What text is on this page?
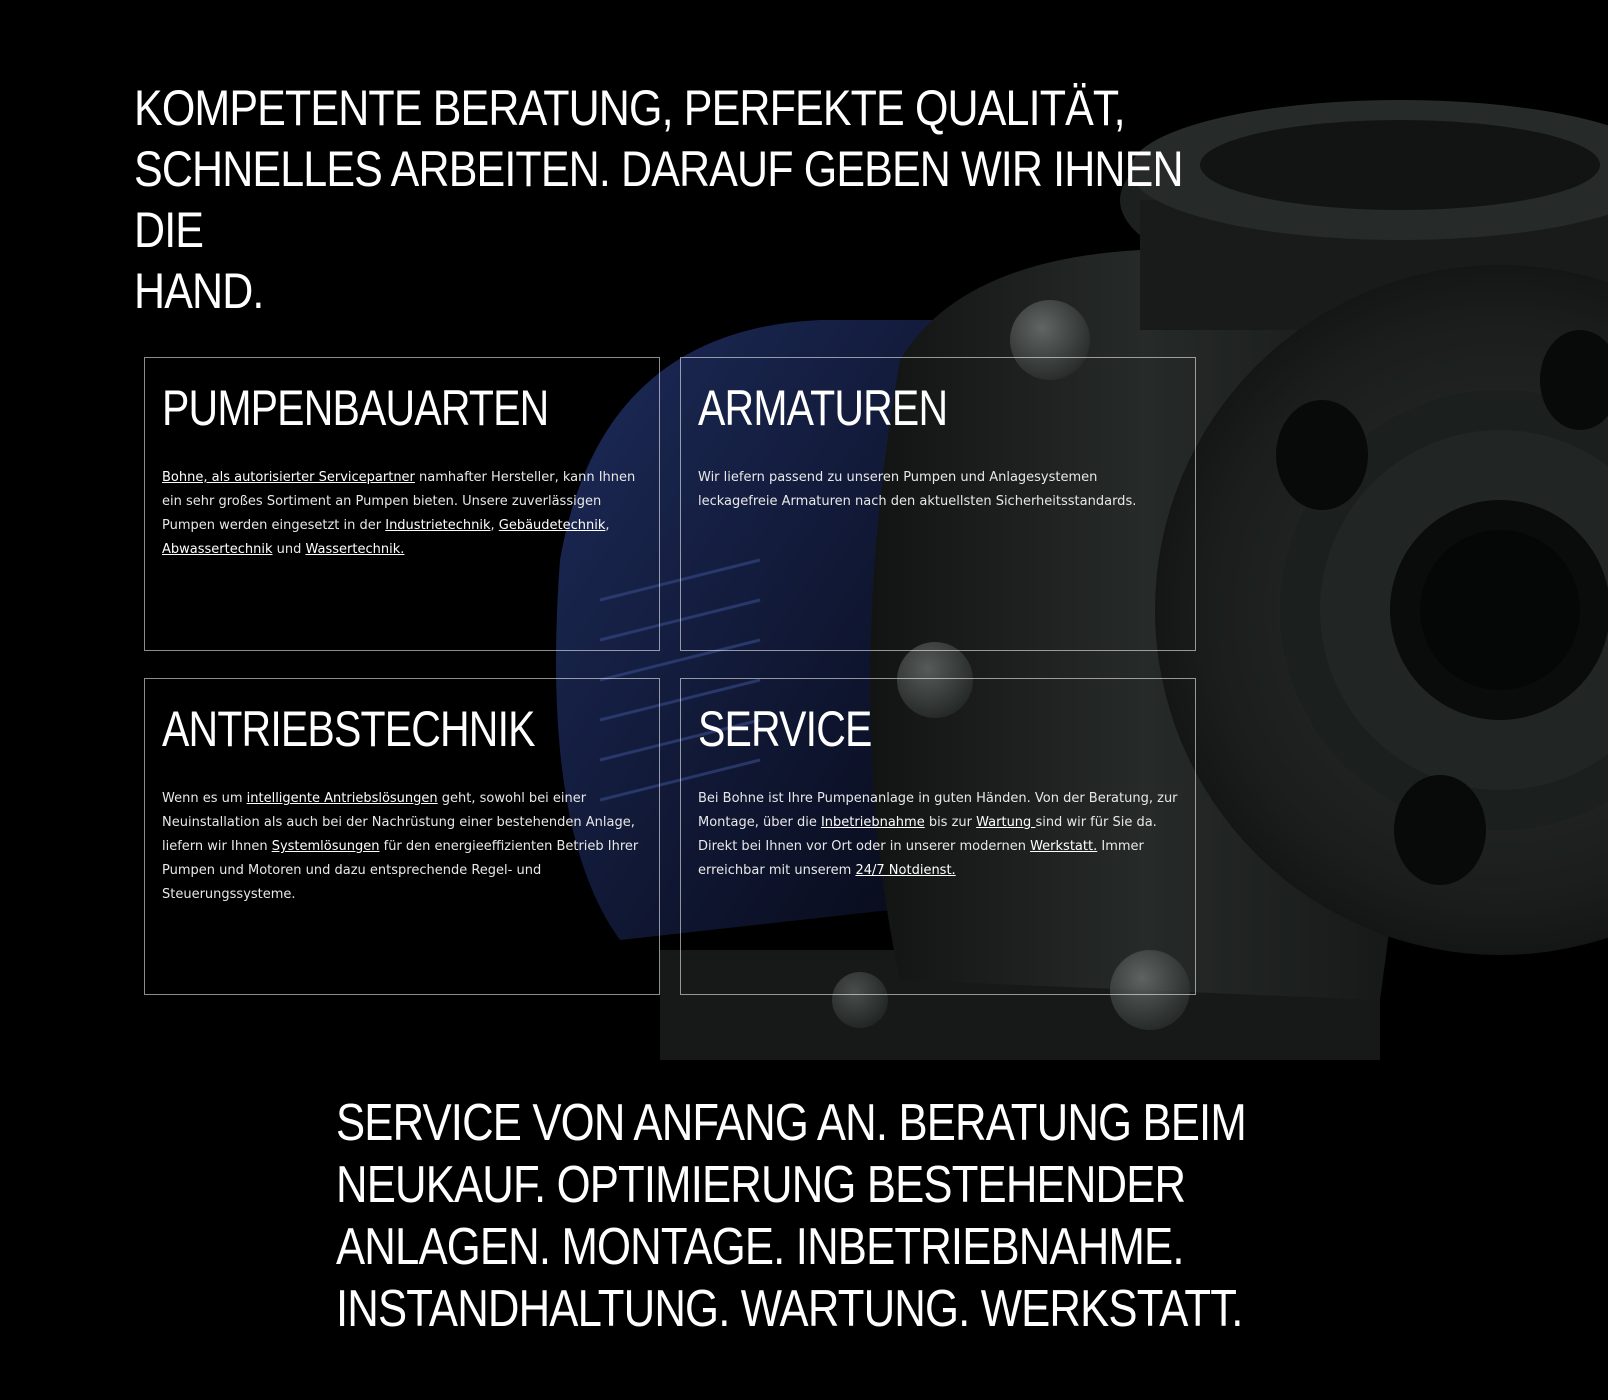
KOMPETENTE BERATUNG, PERFEKTE QUALITÄT,
SCHNELLES ARBEITEN. DARAUF GEBEN WIR IHNEN DIE
HAND.
PUMPENBAUARTEN

Bohne, als autorisierter Servicepartner namhafter Hersteller, kann Ihnen ein sehr großes Sortiment an Pumpen bieten. Unsere zuverlässigen Pumpen werden eingesetzt in der Industrietechnik, Gebäudetechnik,
Abwassertechnik und Wassertechnik.

ARMATUREN

Wir liefern passend zu unseren Pumpen und Anlagesystemen leckagefreie Armaturen nach den aktuellsten Sicherheitsstandards.

ANTRIEBSTECHNIK

Wenn es um intelligente Antriebslösungen geht, sowohl bei einer Neuinstallation als auch bei der Nachrüstung einer bestehenden Anlage, liefern wir Ihnen Systemlösungen für den energieeffizienten Betrieb Ihrer Pumpen und Motoren und dazu entsprechende Regel- und Steuerungssysteme.

SERVICE

Bei Bohne ist Ihre Pumpenanlage in guten Händen. Von der Beratung, zur Montage, über die Inbetriebnahme bis zur Wartung sind wir für Sie da. Direkt bei Ihnen vor Ort oder in unserer modernen Werkstatt. Immer erreichbar mit unserem 24/7 Notdienst.

SERVICE VON ANFANG AN. BERATUNG BEIM
NEUKAUF. OPTIMIERUNG BESTEHENDER
ANLAGEN. MONTAGE. INBETRIEBNAHME.
INSTANDHALTUNG. WARTUNG. WERKSTATT.
